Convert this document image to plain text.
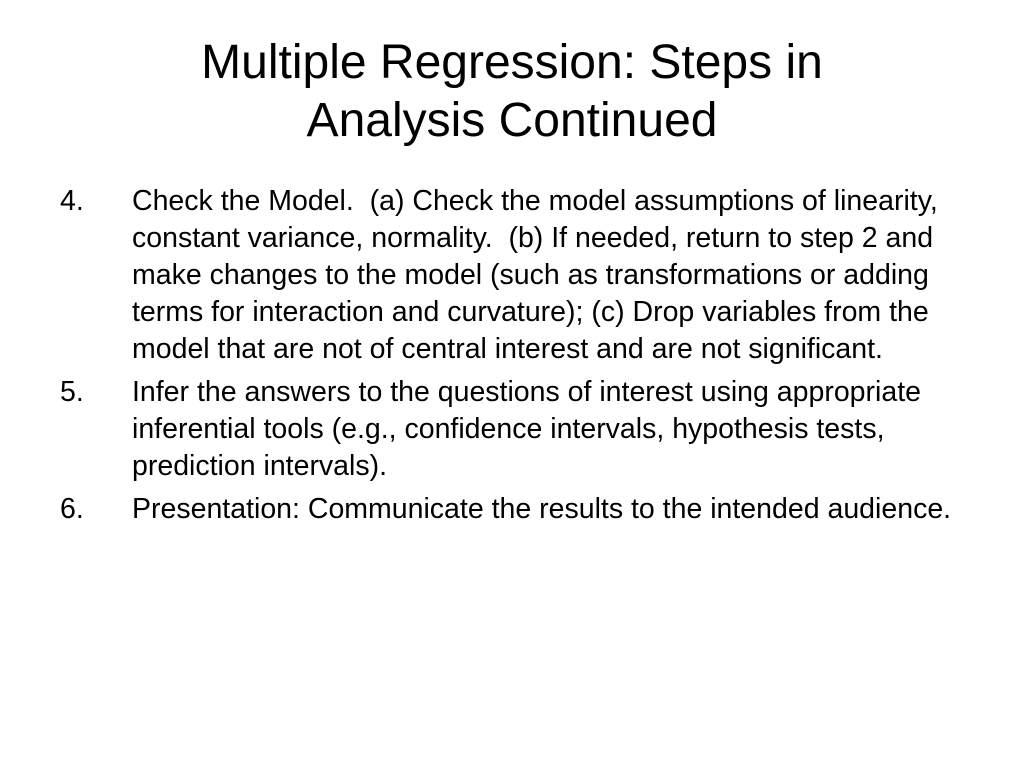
Multiple Regression: Steps in
Analysis Continued
4.	Check the Model.  (a) Check the model assumptions of linearity, constant variance, normality.  (b) If needed, return to step 2 and  make changes to the model (such as transformations or adding terms for interaction and curvature); (c) Drop variables from the model that are not of central interest and are not significant.
5.	Infer the answers to the questions of interest using appropriate inferential tools (e.g., confidence intervals, hypothesis tests, prediction intervals).
6.	Presentation: Communicate the results to the intended audience.
